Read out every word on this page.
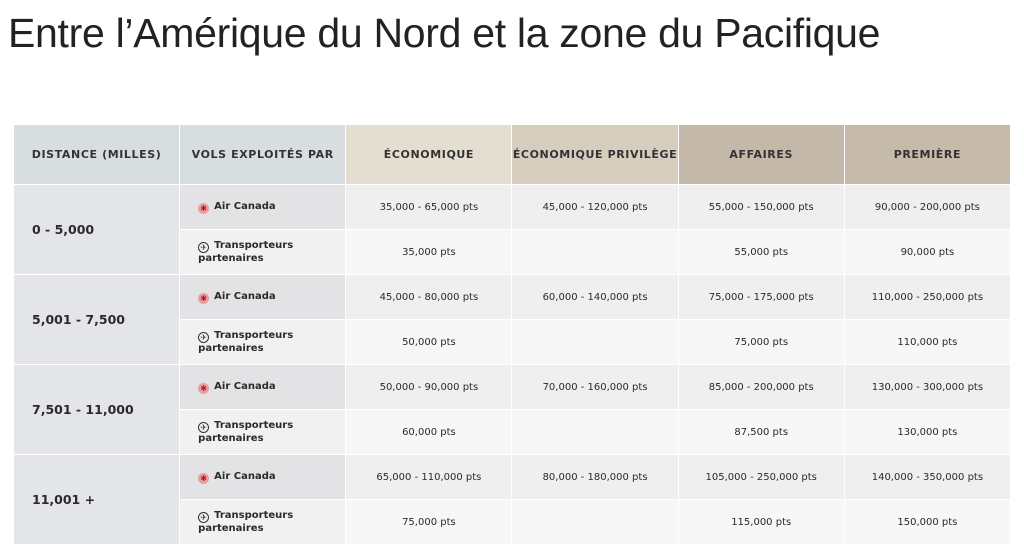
Entre l’Amérique du Nord et la zone du Pacifique
DISTANCE (MILLES)	VOLS EXPLOITÉS PAR	ÉCONOMIQUE	ÉCONOMIQUE PRIVILÈGE	AFFAIRES	PREMIÈRE
0 - 5,000	✱ Air Canada	35,000 - 65,000 pts	45,000 - 120,000 pts	55,000 - 150,000 pts	90,000 - 200,000 pts
	✈ Transporteurs partenaires	35,000 pts		55,000 pts	90,000 pts
5,001 - 7,500	✱ Air Canada	45,000 - 80,000 pts	60,000 - 140,000 pts	75,000 - 175,000 pts	110,000 - 250,000 pts
	✈ Transporteurs partenaires	50,000 pts		75,000 pts	110,000 pts
7,501 - 11,000	✱ Air Canada	50,000 - 90,000 pts	70,000 - 160,000 pts	85,000 - 200,000 pts	130,000 - 300,000 pts
	✈ Transporteurs partenaires	60,000 pts		87,500 pts	130,000 pts
11,001 +	✱ Air Canada	65,000 - 110,000 pts	80,000 - 180,000 pts	105,000 - 250,000 pts	140,000 - 350,000 pts
	✈ Transporteurs partenaires	75,000 pts		115,000 pts	150,000 pts
